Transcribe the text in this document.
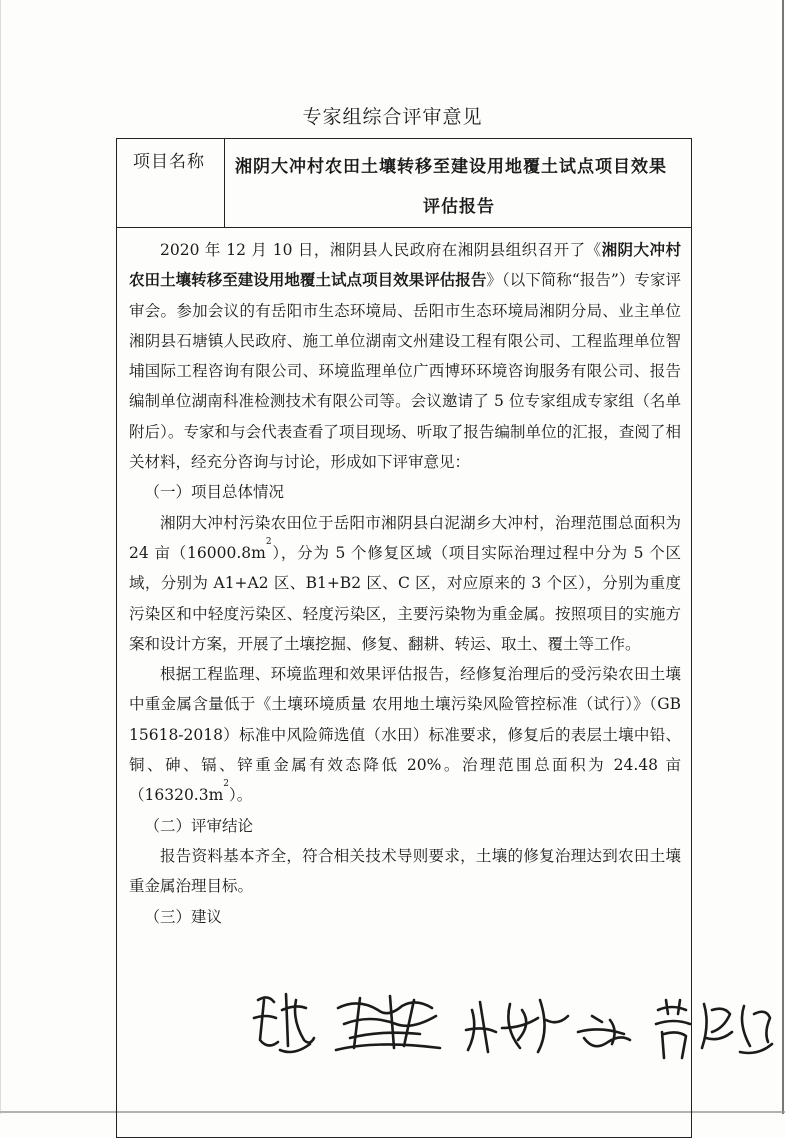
专家组综合评审意见
项目名称 湘阴大冲村农田土壤转移至建设用地覆土试点项目效果
评估报告

2020 年 12 月 10 日，湘阴县人民政府在湘阴县组织召开了《湘阴大冲村农田土壤转移至建设用地覆土试点项目效果评估报告》（以下简称“报告”）专家评审会。参加会议的有岳阳市生态环境局、岳阳市生态环境局湘阴分局、业主单位湘阴县石塘镇人民政府、施工单位湖南文州建设工程有限公司、工程监理单位智埔国际工程咨询有限公司、环境监理单位广西博环环境咨询服务有限公司、报告编制单位湖南科准检测技术有限公司等。会议邀请了 5 位专家组成专家组（名单附后）。专家和与会代表查看了项目现场、听取了报告编制单位的汇报，查阅了相关材料，经充分咨询与讨论，形成如下评审意见：

（一）项目总体情况

湘阴大冲村污染农田位于岳阳市湘阴县白泥湖乡大冲村，治理范围总面积为 24 亩$(16000.8m^2)$，分为 5 个修复区域（项目实际治理过程中分为 5 个区域，分别为 A1+A2 区、B1+B2 区、C 区，对应原来的 3 个区），分别为重度污染区和中轻度污染区、轻度污染区，主要污染物为重金属。按照项目的实施方案和设计方案，开展了土壤挖掘、修复、翻耕、转运、取土、覆土等工作。

根据工程监理、环境监理和效果评估报告，经修复治理后的受污染农田土壤中重金属含量低于《土壤环境质量 农用地土壤污染风险管控标准（试行）》（GB 15618-2018）标准中风险筛选值（水田）标准要求，修复后的表层土壤中铅、铜、砷、镉、锌重金属有效态降低 20%。治理范围总面积为 24.48 亩$(16320.3m^2)$。

（二）评审结论

报告资料基本齐全，符合相关技术导则要求，土壤的修复治理达到农田土壤重金属治理目标。

（三）建议
